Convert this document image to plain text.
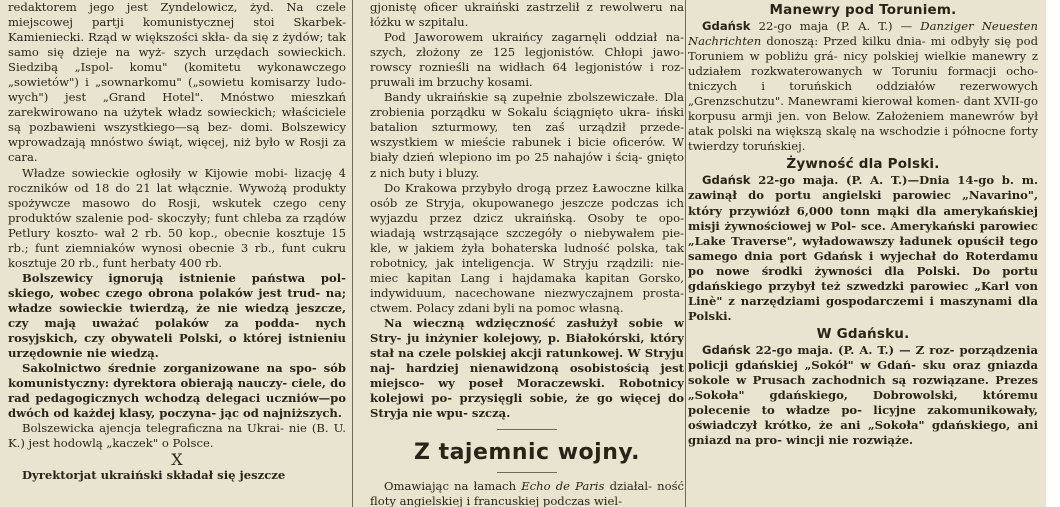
redaktorem jego jest Zyndelowicz, żyd. Na czele miejscowej partji komunistycznej stoi Skarbek-Kamieniecki. Rząd w większości skła- da się z żydów; tak samo się dzieje na wyż- szych urzędach sowieckich. Siedzibą „Ispol- komu" (komitetu wykonawczego „sowietów") i „sownarkomu" („sowietu komisarzy ludo- wych") jest „Grand Hotel". Mnóstwo mieszkań zarekwirowano na użytek władz sowieckich; właściciele są pozbawieni wszystkiego—są bez- domi. Bolszewicy wprowadzają mnóstwo świąt, więcej, niż było w Rosji za cara.

Władze sowieckie ogłosiły w Kijowie mobi- lizację 4 roczników od 18 do 21 lat włącznie. Wywożą produkty spożywcze masowo do Rosji, wskutek czego ceny produktów szalenie pod- skoczyły; funt chleba za rządów Petlury koszto- wał 2 rb. 50 kop., obecnie kosztuje 15 rb.; funt ziemniaków wynosi obecnie 3 rb., funt cukru kosztuje 20 rb., funt herbaty 400 rb.

Bolszewicy ignorują istnienie państwa pol- skiego, wobec czego obrona polaków jest trud- na; władze sowieckie twierdzą, że nie wiedzą jeszcze, czy mają uważać polaków za podda- nych rosyjskich, czy obywateli Polski, o której istnieniu urzędownie nie wiedzą.

Sakolnictwo średnie zorganizowane na spo- sób komunistyczny: dyrektora obierają nauczy- ciele, do rad pedagogicznych wchodzą delegaci uczniów—po dwóch od każdej klasy, poczyna- jąc od najniższych.

Bolszewicka ajencja telegraficzna na Ukrai- nie (B. U. K.) jest hodowlą „kaczek" o Polsce.

X

Dyrektorjat ukraiński składał się jeszcze

gjonistę oficer ukraiński zastrzelił z rewolweru na łóżku w szpitalu.

Pod Jaworowem ukraińcy zagarnęli oddział na- szych, złożony ze 125 legjonistów. Chłopi jawo- rowscy roznieśli na widłach 64 legjonistów i roz- pruwali im brzuchy kosami.

Bandy ukraińskie są zupełnie zbolszewiczałe. Dla zrobienia porządku w Sokalu ściągnięto ukra- iński batalion szturmowy, ten zaś urządził przede- wszystkiem w mieście rabunek i bicie oficerów. W biały dzień wlepiono im po 25 nahajów i ścią- gnięto z nich buty i bluzy.

Do Krakowa przybyło drogą przez Ławoczne kilka osób ze Stryja, okupowanego jeszcze podczas ich wyjazdu przez dzicz ukraińską. Osoby te opo- wiadają wstrząsające szczegóły o niebywałem pie- kle, w jakiem żyła bohaterska ludność polska, tak robotnicy, jak inteligencja. W Stryju rządzili: nie- miec kapitan Lang i hajdamaka kapitan Gorsko, indywiduum, nacechowane niezwyczajnem prosta- ctwem. Polacy zdani byli na pomoc własną.

Na wieczną wdzięczność zasłużył sobie w Stry- ju inżynier kolejowy, p. Białokórski, który stał na czele polskiej akcji ratunkowej. W Stryju naj- hardziej nienawidzoną osobistością jest miejsco- wy poseł Moraczewski. Robotnicy kolejowi po- przysięgli sobie, że go więcej do Stryja nie wpu- szczą.

Z tajemnic wojny.

Omawiając na łamach Echo de Paris działal- ność floty angielskiej i francuskiej podczas wiel-

Manewry pod Toruniem.

Gdańsk 22-go maja (P. A. T.) — Danziger Neuesten Nachrichten donoszą: Przed kilku dnia- mi odbyły się pod Toruniem w pobliżu grá- nicy polskiej wielkie manewry z udziałem rozkwaterowanych w Toruniu formacji ocho- tniczych i toruńskich oddziałów rezerwowych „Grenzschutzu". Manewrami kierował komen- dant XVII-go korpusu armji jen. von Below. Założeniem manewrów był atak polski na większą skalę na wschodzie i północne forty twierdzy toruńskiej.

Żywność dla Polski.

Gdańsk 22-go maja. (P. A. T.)—Dnia 14-go b. m. zawinął do portu angielski parowiec „Navarino", który przywiózł 6,000 tonn mąki dla amerykańskiej misji żywnościowej w Pol- sce. Amerykański parowiec „Lake Traverse", wyładowawszy ładunek opuścił tego samego dnia port Gdańsk i wyjechał do Roterdamu po nowe środki żywności dla Polski. Do portu gdańskiego przybył też szwedzki parowiec „Karl von Linè" z narzędziami gospodarczemi i maszynami dla Polski.

W Gdańsku.

Gdańsk 22-go maja. (P. A. T.) — Z roz- porządzenia policji gdańskiej „Sokół" w Gdań- sku oraz gniazda sokole w Prusach zachodnich są rozwiązane. Prezes „Sokoła" gdańskiego, Dobrowolski, któremu polecenie to władze po- licyjne zakomunikowały, oświadczył krótko, że ani „Sokoła" gdańskiego, ani gniazd na pro- wincji nie rozwiąże.
